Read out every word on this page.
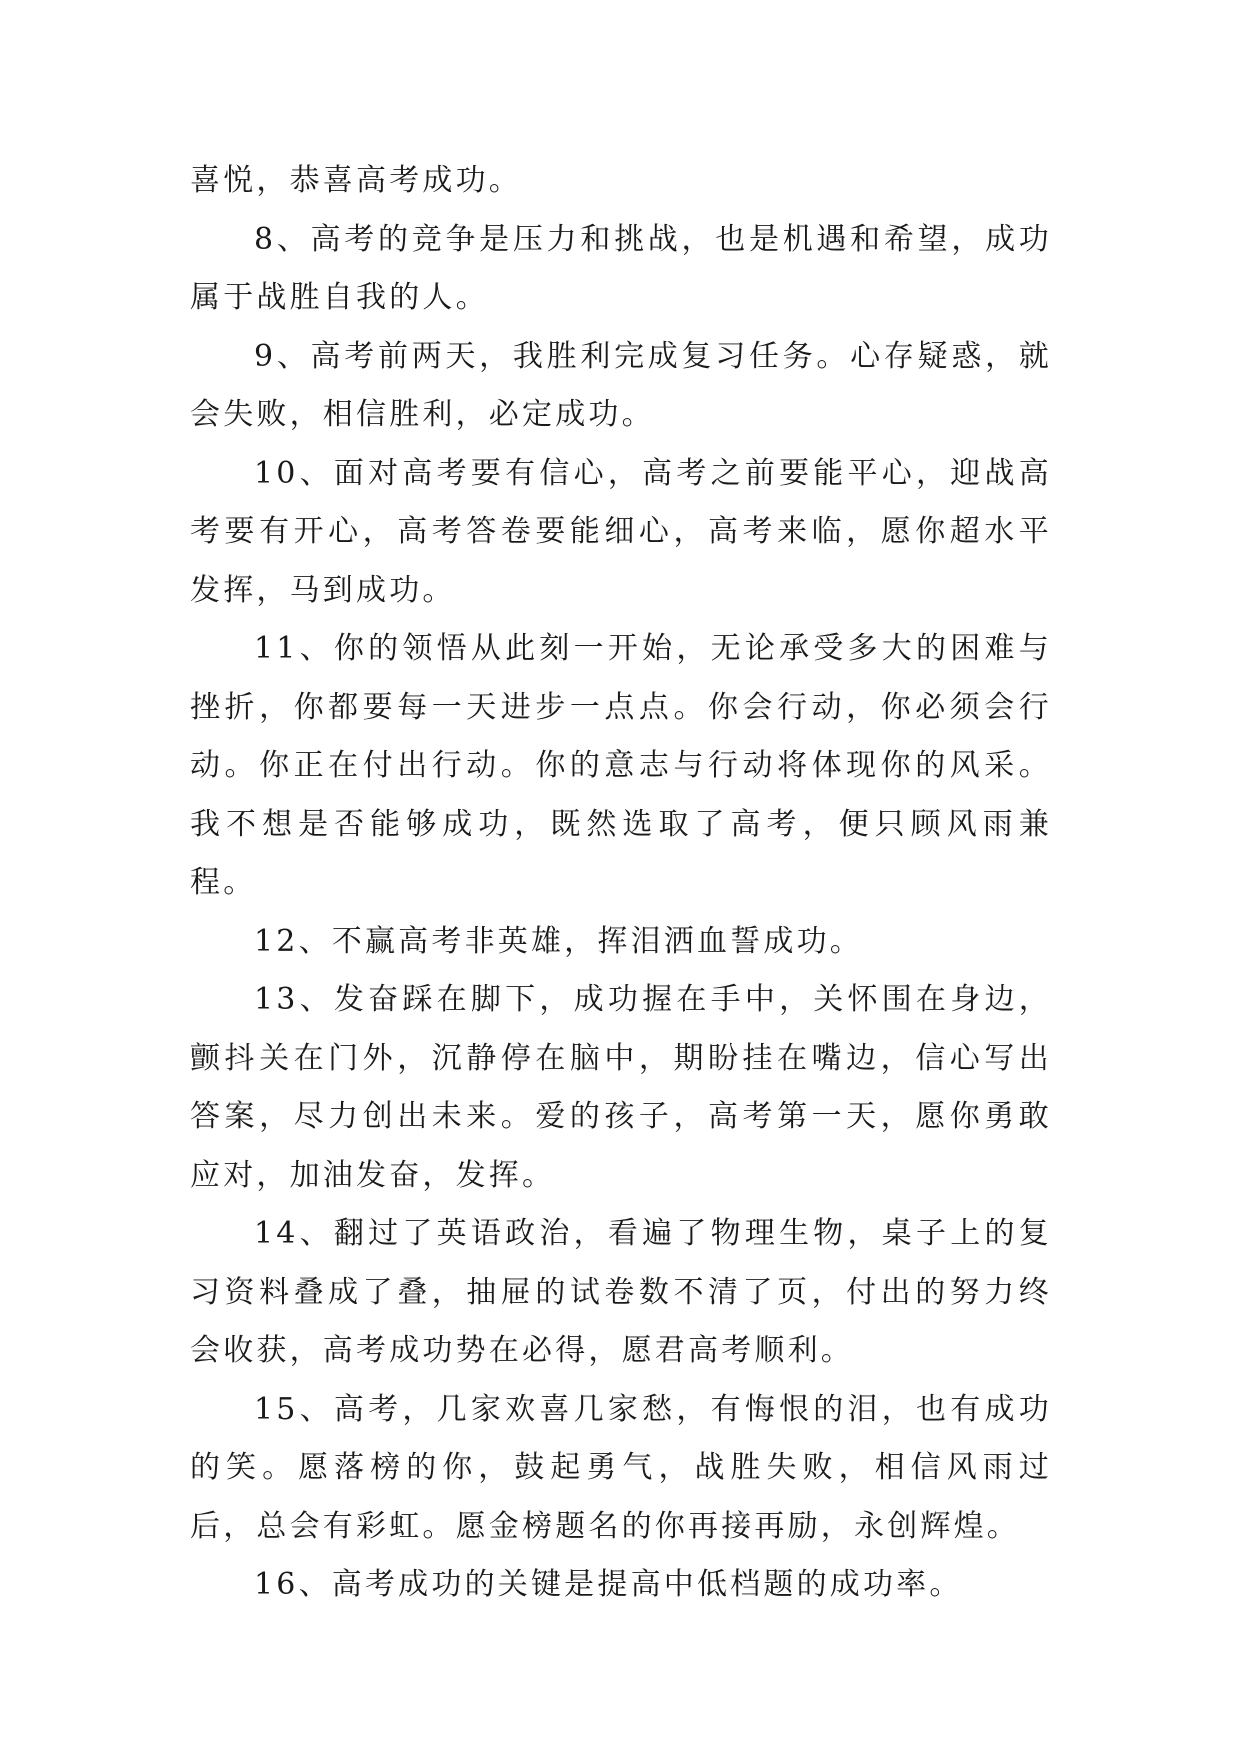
喜悦，恭喜高考成功。

8、高考的竞争是压力和挑战，也是机遇和希望，成功属于战胜自我的人。

9、高考前两天，我胜利完成复习任务。心存疑惑，就会失败，相信胜利，必定成功。

10、面对高考要有信心，高考之前要能平心，迎战高考要有开心，高考答卷要能细心，高考来临，愿你超水平发挥，马到成功。

11、你的领悟从此刻一开始，无论承受多大的困难与挫折，你都要每一天进步一点点。你会行动，你必须会行动。你正在付出行动。你的意志与行动将体现你的风采。我不想是否能够成功，既然选取了高考，便只顾风雨兼程。

12、不赢高考非英雄，挥泪洒血誓成功。

13、发奋踩在脚下，成功握在手中，关怀围在身边，颤抖关在门外，沉静停在脑中，期盼挂在嘴边，信心写出答案，尽力创出未来。爱的孩子，高考第一天，愿你勇敢应对，加油发奋，发挥。

14、翻过了英语政治，看遍了物理生物，桌子上的复习资料叠成了叠，抽屉的试卷数不清了页，付出的努力终会收获，高考成功势在必得，愿君高考顺利。

15、高考，几家欢喜几家愁，有悔恨的泪，也有成功的笑。愿落榜的你，鼓起勇气，战胜失败，相信风雨过后，总会有彩虹。愿金榜题名的你再接再励，永创辉煌。

16、高考成功的关键是提高中低档题的成功率。
